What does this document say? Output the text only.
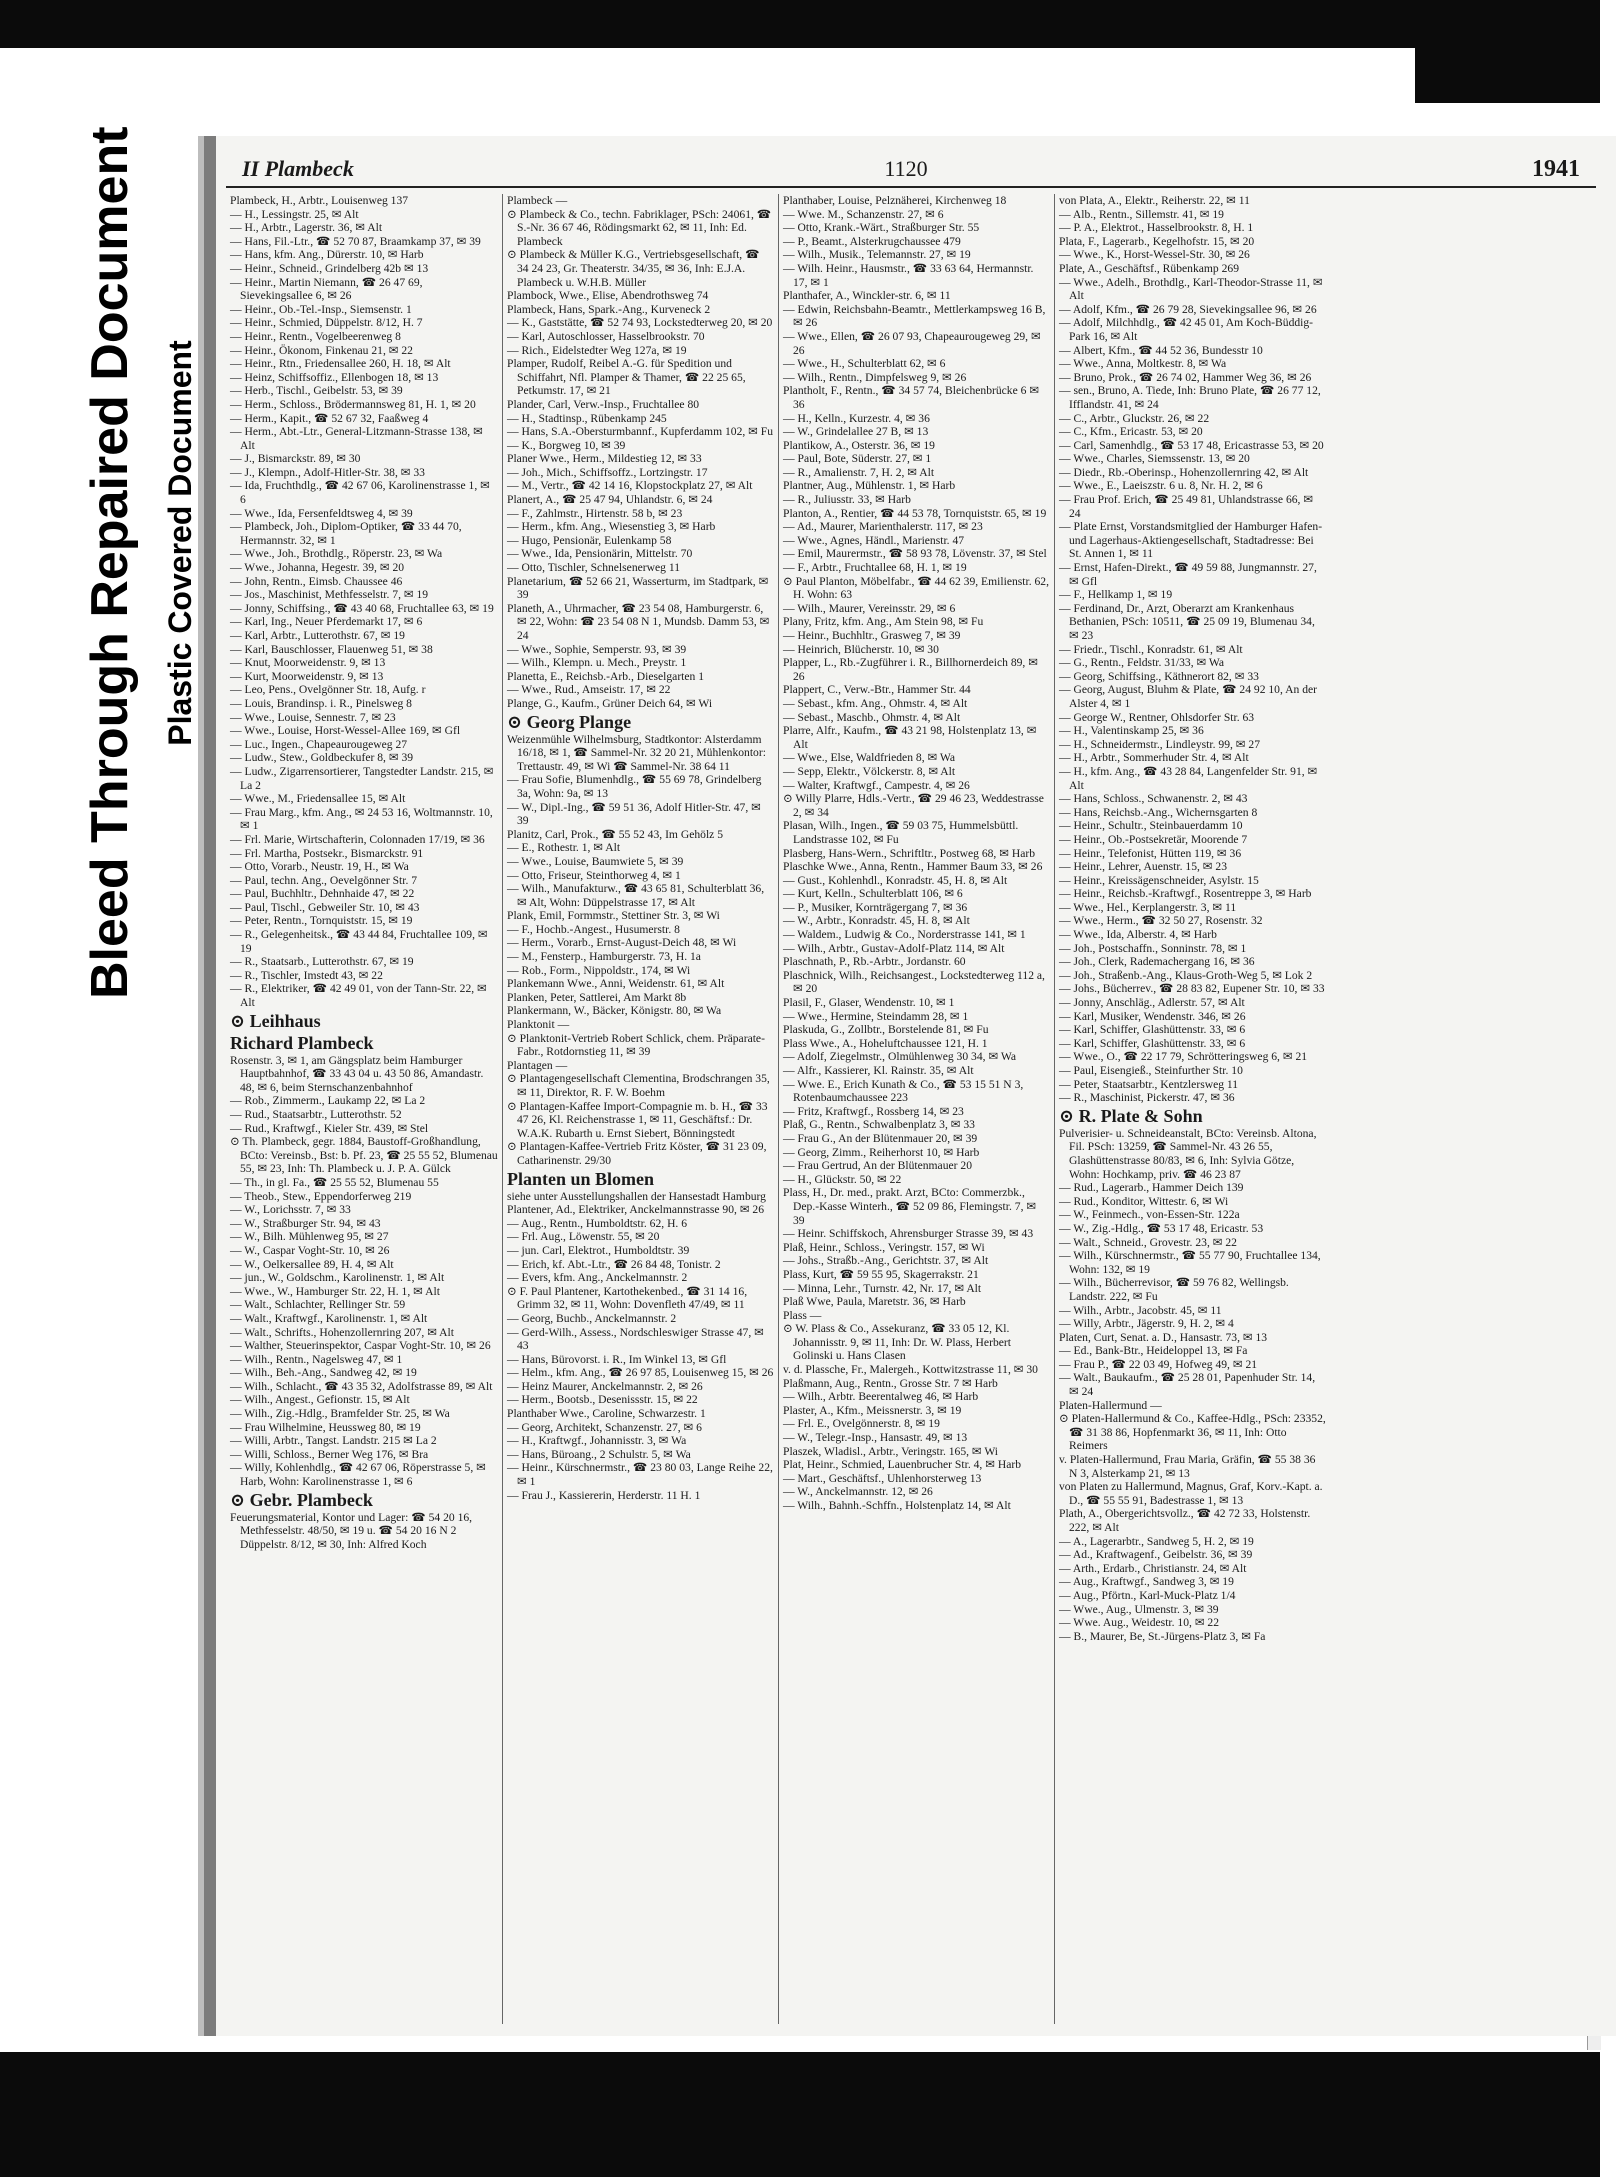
Bleed Through Repaired Document Plastic Covered Document
II Plambeck	1120	1941

Plambeck, H., Arbtr., Louisenweg 137

— H., Lessingstr. 25, ✉ Alt

— H., Arbtr., Lagerstr. 36, ✉ Alt

— Hans, Fil.-Ltr., ☎ 52 70 87, Braamkamp 37, ✉ 39

— Hans, kfm. Ang., Dürerstr. 10, ✉ Harb

— Heinr., Schneid., Grindelberg 42b ✉ 13

— Heinr., Martin Niemann, ☎ 26 47 69, Sievekingsallee 6, ✉ 26

— Heinr., Ob.-Tel.-Insp., Siemsenstr. 1

— Heinr., Schmied, Düppelstr. 8/12, H. 7

— Heinr., Rentn., Vogelbeerenweg 8

— Heinr., Ökonom, Finkenau 21, ✉ 22

— Heinr., Rtn., Friedensallee 260, H. 18, ✉ Alt

— Heinz, Schiffsoffiz., Ellenbogen 18, ✉ 13

— Herb., Tischl., Geibelstr. 53, ✉ 39

— Herm., Schloss., Brödermannsweg 81, H. 1, ✉ 20

— Herm., Kapit., ☎ 52 67 32, Faaßweg 4

— Herm., Abt.-Ltr., General-Litzmann-Strasse 138, ✉ Alt

— J., Bismarckstr. 89, ✉ 30

— J., Klempn., Adolf-Hitler-Str. 38, ✉ 33

— Ida, Fruchthdlg., ☎ 42 67 06, Karolinenstrasse 1, ✉ 6

— Wwe., Ida, Fersenfeldtsweg 4, ✉ 39

— Plambeck, Joh., Diplom-Optiker, ☎ 33 44 70, Hermannstr. 32, ✉ 1

— Wwe., Joh., Brothdlg., Röperstr. 23, ✉ Wa

— Wwe., Johanna, Hegestr. 39, ✉ 20

— John, Rentn., Eimsb. Chaussee 46

— Jos., Maschinist, Methfesselstr. 7, ✉ 19

— Jonny, Schiffsing., ☎ 43 40 68, Fruchtallee 63, ✉ 19

— Karl, Ing., Neuer Pferdemarkt 17, ✉ 6

— Karl, Arbtr., Lutterothstr. 67, ✉ 19

— Karl, Bauschlosser, Flauenweg 51, ✉ 38

— Knut, Moorweidenstr. 9, ✉ 13

— Kurt, Moorweidenstr. 9, ✉ 13

— Leo, Pens., Ovelgönner Str. 18, Aufg. r

— Louis, Brandinsp. i. R., Pinelsweg 8

— Wwe., Louise, Sennestr. 7, ✉ 23

— Wwe., Louise, Horst-Wessel-Allee 169, ✉ Gfl

— Luc., Ingen., Chapeaurougeweg 27

— Ludw., Stew., Goldbeckufer 8, ✉ 39

— Ludw., Zigarrensortierer, Tangstedter Landstr. 215, ✉ La 2

— Wwe., M., Friedensallee 15, ✉ Alt

— Frau Marg., kfm. Ang., ✉ 24 53 16, Woltmannstr. 10, ✉ 1

— Frl. Marie, Wirtschafterin, Colonnaden 17/19, ✉ 36

— Frl. Martha, Postsekr., Bismarckstr. 91

— Otto, Vorarb., Neustr. 19, H., ✉ Wa

— Paul, techn. Ang., Oevelgönner Str. 7

— Paul, Buchhltr., Dehnhaide 47, ✉ 22

— Paul, Tischl., Gebweiler Str. 10, ✉ 43

— Peter, Rentn., Tornquiststr. 15, ✉ 19

— R., Gelegenheitsk., ☎ 43 44 84, Fruchtallee 109, ✉ 19

— R., Staatsarb., Lutterothstr. 67, ✉ 19

— R., Tischler, Imstedt 43, ✉ 22

— R., Elektriker, ☎ 42 49 01, von der Tann-Str. 22, ✉ Alt

⊙ Leihhaus

Richard Plambeck

Rosenstr. 3, ✉ 1, am Gängsplatz beim Hamburger Hauptbahnhof, ☎ 33 43 04 u. 43 50 86, Amandastr. 48, ✉ 6, beim Sternschanzenbahnhof

— Rob., Zimmerm., Laukamp 22, ✉ La 2

— Rud., Staatsarbtr., Lutterothstr. 52

— Rud., Kraftwgf., Kieler Str. 439, ✉ Stel

⊙ Th. Plambeck, gegr. 1884, Baustoff-Großhandlung, BCto: Vereinsb., Bst: b. Pf. 23, ☎ 25 55 52, Blumenau 55, ✉ 23, Inh: Th. Plambeck u. J. P. A. Gülck

— Th., in gl. Fa., ☎ 25 55 52, Blumenau 55

— Theob., Stew., Eppendorferweg 219

— W., Lorichsstr. 7, ✉ 33

— W., Straßburger Str. 94, ✉ 43

— W., Bilh. Mühlenweg 95, ✉ 27

— W., Caspar Voght-Str. 10, ✉ 26

— W., Oelkersallee 89, H. 4, ✉ Alt

— jun., W., Goldschm., Karolinenstr. 1, ✉ Alt

— Wwe., W., Hamburger Str. 22, H. 1, ✉ Alt

— Walt., Schlachter, Rellinger Str. 59

— Walt., Kraftwgf., Karolinenstr. 1, ✉ Alt

— Walt., Schrifts., Hohenzollernring 207, ✉ Alt

— Walther, Steuerinspektor, Caspar Voght-Str. 10, ✉ 26

— Wilh., Rentn., Nagelsweg 47, ✉ 1

— Wilh., Beh.-Ang., Sandweg 42, ✉ 19

— Wilh., Schlacht., ☎ 43 35 32, Adolfstrasse 89, ✉ Alt

— Wilh., Angest., Gefionstr. 15, ✉ Alt

— Wilh., Zig.-Hdlg., Bramfelder Str. 25, ✉ Wa

— Frau Wilhelmine, Heussweg 80, ✉ 19

— Willi, Arbtr., Tangst. Landstr. 215 ✉ La 2

— Willi, Schloss., Berner Weg 176, ✉ Bra

— Willy, Kohlenhdlg., ☎ 42 67 06, Röperstrasse 5, ✉ Harb, Wohn: Karolinenstrasse 1, ✉ 6

⊙ Gebr. Plambeck

Feuerungsmaterial, Kontor und Lager: ☎ 54 20 16, Methfesselstr. 48/50, ✉ 19 u. ☎ 54 20 16 N 2 Düppelstr. 8/12, ✉ 30, Inh: Alfred Koch

Plambeck —

⊙ Plambeck & Co., techn. Fabriklager, PSch: 24061, ☎ S.-Nr. 36 67 46, Rödingsmarkt 62, ✉ 11, Inh: Ed. Plambeck

⊙ Plambeck & Müller K.G., Vertriebsgesellschaft, ☎ 34 24 23, Gr. Theaterstr. 34/35, ✉ 36, Inh: E.J.A. Plambeck u. W.H.B. Müller

Plambock, Wwe., Elise, Abendrothsweg 74

Plambeck, Hans, Spark.-Ang., Kurveneck 2

— K., Gaststätte, ☎ 52 74 93, Lockstedterweg 20, ✉ 20

— Karl, Autoschlosser, Hasselbrookstr. 70

— Rich., Eidelstedter Weg 127a, ✉ 19

Plamper, Rudolf, Reibel A.-G. für Spedition und Schiffahrt, Nfl. Plamper & Thamer, ☎ 22 25 65, Petkumstr. 17, ✉ 21

Plander, Carl, Verw.-Insp., Fruchtallee 80

— H., Stadtinsp., Rübenkamp 245

— Hans, S.A.-Obersturmbannf., Kupferdamm 102, ✉ Fu

— K., Borgweg 10, ✉ 39

Planer Wwe., Herm., Mildestieg 12, ✉ 33

— Joh., Mich., Schiffsoffz., Lortzingstr. 17

— M., Vertr., ☎ 42 14 16, Klopstockplatz 27, ✉ Alt

Planert, A., ☎ 25 47 94, Uhlandstr. 6, ✉ 24

— F., Zahlmstr., Hirtenstr. 58 b, ✉ 23

— Herm., kfm. Ang., Wiesenstieg 3, ✉ Harb

— Hugo, Pensionär, Eulenkamp 58

— Wwe., Ida, Pensionärin, Mittelstr. 70

— Otto, Tischler, Schnelsenerweg 11

Planetarium, ☎ 52 66 21, Wasserturm, im Stadtpark, ✉ 39

Planeth, A., Uhrmacher, ☎ 23 54 08, Hamburgerstr. 6, ✉ 22, Wohn: ☎ 23 54 08 N 1, Mundsb. Damm 53, ✉ 24

— Wwe., Sophie, Semperstr. 93, ✉ 39

— Wilh., Klempn. u. Mech., Preystr. 1

Planetta, E., Reichsb.-Arb., Dieselgarten 1

— Wwe., Rud., Amseistr. 17, ✉ 22

Plange, G., Kaufm., Grüner Deich 64, ✉ Wi

⊙ Georg Plange

Weizenmühle Wilhelmsburg, Stadtkontor: Alsterdamm 16/18, ✉ 1, ☎ Sammel-Nr. 32 20 21, Mühlenkontor: Trettaustr. 49, ✉ Wi ☎ Sammel-Nr. 38 64 11

— Frau Sofie, Blumenhdlg., ☎ 55 69 78, Grindelberg 3a, Wohn: 9a, ✉ 13

— W., Dipl.-Ing., ☎ 59 51 36, Adolf Hitler-Str. 47, ✉ 39

Planitz, Carl, Prok., ☎ 55 52 43, Im Gehölz 5

— E., Rothestr. 1, ✉ Alt

— Wwe., Louise, Baumwiete 5, ✉ 39

— Otto, Friseur, Steinthorweg 4, ✉ 1

— Wilh., Manufakturw., ☎ 43 65 81, Schulterblatt 36, ✉ Alt, Wohn: Düppelstrasse 17, ✉ Alt

Plank, Emil, Formmstr., Stettiner Str. 3, ✉ Wi

— F., Hochb.-Angest., Husumerstr. 8

— Herm., Vorarb., Ernst-August-Deich 48, ✉ Wi

— M., Fensterp., Hamburgerstr. 73, H. 1a

— Rob., Form., Nippoldstr., 174, ✉ Wi

Plankemann Wwe., Anni, Weidenstr. 61, ✉ Alt

Planken, Peter, Sattlerei, Am Markt 8b

Plankermann, W., Bäcker, Königstr. 80, ✉ Wa

Planktonit —

⊙ Planktonit-Vertrieb Robert Schlick, chem. Präparate-Fabr., Rotdornstieg 11, ✉ 39

Plantagen —

⊙ Plantagengesellschaft Clementina, Brodschrangen 35, ✉ 11, Direktor, R. F. W. Boehm

⊙ Plantagen-Kaffee Import-Compagnie m. b. H., ☎ 33 47 26, Kl. Reichenstrasse 1, ✉ 11, Geschäftsf.: Dr. W.A.K. Rubarth u. Ernst Siebert, Bönningstedt

⊙ Plantagen-Kaffee-Vertrieb Fritz Köster, ☎ 31 23 09, Catharinenstr. 29/30

Planten un Blomen

siehe unter Ausstellungshallen der Hansestadt Hamburg

Plantener, Ad., Elektriker, Anckelmannstrasse 90, ✉ 26

— Aug., Rentn., Humboldtstr. 62, H. 6

— Frl. Aug., Löwenstr. 55, ✉ 20

— jun. Carl, Elektrot., Humboldtstr. 39

— Erich, kf. Abt.-Ltr., ☎ 26 84 48, Tonistr. 2

— Evers, kfm. Ang., Anckelmannstr. 2

⊙ F. Paul Plantener, Kartothekenbed., ☎ 31 14 16, Grimm 32, ✉ 11, Wohn: Dovenfleth 47/49, ✉ 11

— Georg, Buchb., Anckelmannstr. 2

— Gerd-Wilh., Assess., Nordschleswiger Strasse 47, ✉ 43

— Hans, Bürovorst. i. R., Im Winkel 13, ✉ Gfl

— Helm., kfm. Ang., ☎ 26 97 85, Louisenweg 15, ✉ 26

— Heinz Maurer, Anckelmannstr. 2, ✉ 26

— Herm., Bootsb., Desenissstr. 15, ✉ 22

Planthaber Wwe., Caroline, Schwarzestr. 1

— Georg, Architekt, Schanzenstr. 27, ✉ 6

— H., Kraftwgf., Johannisstr. 3, ✉ Wa

— Hans, Büroang., 2 Schulstr. 5, ✉ Wa

— Heinr., Kürschnermstr., ☎ 23 80 03, Lange Reihe 22, ✉ 1

— Frau J., Kassiererin, Herderstr. 11 H. 1

Planthaber, Louise, Pelznäherei, Kirchenweg 18

— Wwe. M., Schanzenstr. 27, ✉ 6

— Otto, Krank.-Wärt., Straßburger Str. 55

— P., Beamt., Alsterkrugchaussee 479

— Wilh., Musik., Telemannstr. 27, ✉ 19

— Wilh. Heinr., Hausmstr., ☎ 33 63 64, Hermannstr. 17, ✉ 1

Planthafer, A., Winckler-str. 6, ✉ 11

— Edwin, Reichsbahn-Beamtr., Mettlerkampsweg 16 B, ✉ 26

— Wwe., Ellen, ☎ 26 07 93, Chapeaurougeweg 29, ✉ 26

— Wwe., H., Schulterblatt 62, ✉ 6

— Wilh., Rentn., Dimpfelsweg 9, ✉ 26

Plantholt, F., Rentn., ☎ 34 57 74, Bleichenbrücke 6 ✉ 36

— H., Kelln., Kurzestr. 4, ✉ 36

— W., Grindelallee 27 B, ✉ 13

Plantikow, A., Osterstr. 36, ✉ 19

— Paul, Bote, Süderstr. 27, ✉ 1

— R., Amalienstr. 7, H. 2, ✉ Alt

Plantner, Aug., Mühlenstr. 1, ✉ Harb

— R., Juliusstr. 33, ✉ Harb

Planton, A., Rentier, ☎ 44 53 78, Tornquiststr. 65, ✉ 19

— Ad., Maurer, Marienthalerstr. 117, ✉ 23

— Wwe., Agnes, Händl., Marienstr. 47

— Emil, Maurermstr., ☎ 58 93 78, Lövenstr. 37, ✉ Stel

— F., Arbtr., Fruchtallee 68, H. 1, ✉ 19

⊙ Paul Planton, Möbelfabr., ☎ 44 62 39, Emilienstr. 62, H. Wohn: 63

— Wilh., Maurer, Vereinsstr. 29, ✉ 6

Plany, Fritz, kfm. Ang., Am Stein 98, ✉ Fu

— Heinr., Buchhltr., Grasweg 7, ✉ 39

— Heinrich, Blücherstr. 10, ✉ 30

Plapper, L., Rb.-Zugführer i. R., Billhornerdeich 89, ✉ 26

Plappert, C., Verw.-Btr., Hammer Str. 44

— Sebast., kfm. Ang., Ohmstr. 4, ✉ Alt

— Sebast., Maschb., Ohmstr. 4, ✉ Alt

Plarre, Alfr., Kaufm., ☎ 43 21 98, Holstenplatz 13, ✉ Alt

— Wwe., Else, Waldfrieden 8, ✉ Wa

— Sepp, Elektr., Völckerstr. 8, ✉ Alt

— Walter, Kraftwgf., Campestr. 4, ✉ 26

⊙ Willy Plarre, Hdls.-Vertr., ☎ 29 46 23, Weddestrasse 2, ✉ 34

Plasan, Wilh., Ingen., ☎ 59 03 75, Hummelsbüttl. Landstrasse 102, ✉ Fu

Plasberg, Hans-Wern., Schriftltr., Postweg 68, ✉ Harb

Plaschke Wwe., Anna, Rentn., Hammer Baum 33, ✉ 26

— Gust., Kohlenhdl., Konradstr. 45, H. 8, ✉ Alt

— Kurt, Kelln., Schulterblatt 106, ✉ 6

— P., Musiker, Kornträgergang 7, ✉ 36

— W., Arbtr., Konradstr. 45, H. 8, ✉ Alt

— Waldem., Ludwig & Co., Norderstrasse 141, ✉ 1

— Wilh., Arbtr., Gustav-Adolf-Platz 114, ✉ Alt

Plaschnath, P., Rb.-Arbtr., Jordanstr. 60

Plaschnick, Wilh., Reichsangest., Lockstedterweg 112 a, ✉ 20

Plasil, F., Glaser, Wendenstr. 10, ✉ 1

— Wwe., Hermine, Steindamm 28, ✉ 1

Plaskuda, G., Zollbtr., Borstelende 81, ✉ Fu

Plass Wwe., A., Hoheluftchaussee 121, H. 1

— Adolf, Ziegelmstr., Olmühlenweg 30 34, ✉ Wa

— Alfr., Kassierer, Kl. Rainstr. 35, ✉ Alt

— Wwe. E., Erich Kunath & Co., ☎ 53 15 51 N 3, Rotenbaumchaussee 223

— Fritz, Kraftwgf., Rossberg 14, ✉ 23

Plaß, G., Rentn., Schwalbenplatz 3, ✉ 33

— Frau G., An der Blütenmauer 20, ✉ 39

— Georg, Zimm., Reiherhorst 10, ✉ Harb

— Frau Gertrud, An der Blütenmauer 20

— H., Glückstr. 50, ✉ 22

Plass, H., Dr. med., prakt. Arzt, BCto: Commerzbk., Dep.-Kasse Winterh., ☎ 52 09 86, Flemingstr. 7, ✉ 39

— Heinr. Schiffskoch, Ahrensburger Strasse 39, ✉ 43

Plaß, Heinr., Schloss., Veringstr. 157, ✉ Wi

— Johs., Straßb.-Ang., Gerichtstr. 37, ✉ Alt

Plass, Kurt, ☎ 59 55 95, Skagerrakstr. 21

— Minna, Lehr., Turnstr. 42, Nr. 17, ✉ Alt

Plaß Wwe, Paula, Maretstr. 36, ✉ Harb

Plass —

⊙ W. Plass & Co., Assekuranz, ☎ 33 05 12, Kl. Johannisstr. 9, ✉ 11, Inh: Dr. W. Plass, Herbert Golinski u. Hans Clasen

v. d. Plassche, Fr., Malergeh., Kottwitzstrasse 11, ✉ 30

Plaßmann, Aug., Rentn., Grosse Str. 7 ✉ Harb

— Wilh., Arbtr. Beerentalweg 46, ✉ Harb

Plaster, A., Kfm., Meissnerstr. 3, ✉ 19

— Frl. E., Ovelgönnerstr. 8, ✉ 19

— W., Telegr.-Insp., Hansastr. 49, ✉ 13

Plaszek, Wladisl., Arbtr., Veringstr. 165, ✉ Wi

Plat, Heinr., Schmied, Lauenbrucher Str. 4, ✉ Harb

— Mart., Geschäftsf., Uhlenhorsterweg 13

— W., Anckelmannstr. 12, ✉ 26

— Wilh., Bahnh.-Schffn., Holstenplatz 14, ✉ Alt

von Plata, A., Elektr., Reiherstr. 22, ✉ 11

— Alb., Rentn., Sillemstr. 41, ✉ 19

— P. A., Elektrot., Hasselbrookstr. 8, H. 1

Plata, F., Lagerarb., Kegelhofstr. 15, ✉ 20

— Wwe., K., Horst-Wessel-Str. 30, ✉ 26

Plate, A., Geschäftsf., Rübenkamp 269

— Wwe., Adelh., Brothdlg., Karl-Theodor-Strasse 11, ✉ Alt

— Adolf, Kfm., ☎ 26 79 28, Sievekingsallee 96, ✉ 26

— Adolf, Milchhdlg., ☎ 42 45 01, Am Koch-Büddig-Park 16, ✉ Alt

— Albert, Kfm., ☎ 44 52 36, Bundesstr 10

— Wwe., Anna, Moltkestr. 8, ✉ Wa

— Bruno, Prok., ☎ 26 74 02, Hammer Weg 36, ✉ 26

— sen., Bruno, A. Tiede, Inh: Bruno Plate, ☎ 26 77 12, Ifflandstr. 41, ✉ 24

— C., Arbtr., Gluckstr. 26, ✉ 22

— C., Kfm., Ericastr. 53, ✉ 20

— Carl, Samenhdlg., ☎ 53 17 48, Ericastrasse 53, ✉ 20

— Wwe., Charles, Siemssenstr. 13, ✉ 20

— Diedr., Rb.-Oberinsp., Hohenzollernring 42, ✉ Alt

— Wwe., E., Laeiszstr. 6 u. 8, Nr. H. 2, ✉ 6

— Frau Prof. Erich, ☎ 25 49 81, Uhlandstrasse 66, ✉ 24

— Plate Ernst, Vorstandsmitglied der Hamburger Hafen- und Lagerhaus-Aktiengesellschaft, Stadtadresse: Bei St. Annen 1, ✉ 11

— Ernst, Hafen-Direkt., ☎ 49 59 88, Jungmannstr. 27, ✉ Gfl

— F., Hellkamp 1, ✉ 19

— Ferdinand, Dr., Arzt, Oberarzt am Krankenhaus Bethanien, PSch: 10511, ☎ 25 09 19, Blumenau 34, ✉ 23

— Friedr., Tischl., Konradstr. 61, ✉ Alt

— G., Rentn., Feldstr. 31/33, ✉ Wa

— Georg, Schiffsing., Käthnerort 82, ✉ 33

— Georg, August, Bluhm & Plate, ☎ 24 92 10, An der Alster 4, ✉ 1

— George W., Rentner, Ohlsdorfer Str. 63

— H., Valentinskamp 25, ✉ 36

— H., Schneidermstr., Lindleystr. 99, ✉ 27

— H., Arbtr., Sommerhuder Str. 4, ✉ Alt

— H., kfm. Ang., ☎ 43 28 84, Langenfelder Str. 91, ✉ Alt

— Hans, Schloss., Schwanenstr. 2, ✉ 43

— Hans, Reichsb.-Ang., Wichernsgarten 8

— Heinr., Schultr., Steinbauerdamm 10

— Heinr., Ob.-Postsekretär, Moorende 7

— Heinr., Telefonist, Hütten 119, ✉ 36

— Heinr., Lehrer, Auenstr. 15, ✉ 23

— Heinr., Kreissägenschneider, Asylstr. 15

— Heinr., Reichsb.-Kraftwgf., Rosentreppe 3, ✉ Harb

— Wwe., Hel., Kerplangerstr. 3, ✉ 11

— Wwe., Herm., ☎ 32 50 27, Rosenstr. 32

— Wwe., Ida, Alberstr. 4, ✉ Harb

— Joh., Postschaffn., Sonninstr. 78, ✉ 1

— Joh., Clerk, Rademachergang 16, ✉ 36

— Joh., Straßenb.-Ang., Klaus-Groth-Weg 5, ✉ Lok 2

— Johs., Bücherrev., ☎ 28 83 82, Eupener Str. 10, ✉ 33

— Jonny, Anschläg., Adlerstr. 57, ✉ Alt

— Karl, Musiker, Wendenstr. 346, ✉ 26

— Karl, Schiffer, Glashüttenstr. 33, ✉ 6

— Karl, Schiffer, Glashüttenstr. 33, ✉ 6

— Wwe., O., ☎ 22 17 79, Schrötteringsweg 6, ✉ 21

— Paul, Eisengieß., Steinfurther Str. 10

— Peter, Staatsarbtr., Kentzlersweg 11

— R., Maschinist, Pickerstr. 47, ✉ 36

⊙ R. Plate & Sohn

Pulverisier- u. Schneideanstalt, BCto: Vereinsb. Altona, Fil. PSch: 13259, ☎ Sammel-Nr. 43 26 55, Glashüttenstrasse 80/83, ✉ 6, Inh: Sylvia Götze, Wohn: Hochkamp, priv. ☎ 46 23 87

— Rud., Lagerarb., Hammer Deich 139

— Rud., Konditor, Wittestr. 6, ✉ Wi

— W., Feinmech., von-Essen-Str. 122a

— W., Zig.-Hdlg., ☎ 53 17 48, Ericastr. 53

— Walt., Schneid., Grovestr. 23, ✉ 22

— Wilh., Kürschnermstr., ☎ 55 77 90, Fruchtallee 134, Wohn: 132, ✉ 19

— Wilh., Bücherrevisor, ☎ 59 76 82, Wellingsb. Landstr. 222, ✉ Fu

— Wilh., Arbtr., Jacobstr. 45, ✉ 11

— Willy, Arbtr., Jägerstr. 9, H. 2, ✉ 4

Platen, Curt, Senat. a. D., Hansastr. 73, ✉ 13

— Ed., Bank-Btr., Heideloppel 13, ✉ Fa

— Frau P., ☎ 22 03 49, Hofweg 49, ✉ 21

— Walt., Baukaufm., ☎ 25 28 01, Papenhuder Str. 14, ✉ 24

Platen-Hallermund —

⊙ Platen-Hallermund & Co., Kaffee-Hdlg., PSch: 23352, ☎ 31 38 86, Hopfenmarkt 36, ✉ 11, Inh: Otto Reimers

v. Platen-Hallermund, Frau Maria, Gräfin, ☎ 55 38 36 N 3, Alsterkamp 21, ✉ 13

von Platen zu Hallermund, Magnus, Graf, Korv.-Kapt. a. D., ☎ 55 55 91, Badestrasse 1, ✉ 13

Plath, A., Obergerichtsvollz., ☎ 42 72 33, Holstenstr. 222, ✉ Alt

— A., Lagerarbtr., Sandweg 5, H. 2, ✉ 19

— Ad., Kraftwagenf., Geibelstr. 36, ✉ 39

— Arth., Erdarb., Christianstr. 24, ✉ Alt

— Aug., Kraftwgf., Sandweg 3, ✉ 19

— Aug., Pförtn., Karl-Muck-Platz 1/4

— Wwe., Aug., Ulmenstr. 3, ✉ 39

— Wwe. Aug., Weidestr. 10, ✉ 22

— B., Maurer, Be, St.-Jürgens-Platz 3, ✉ Fa
